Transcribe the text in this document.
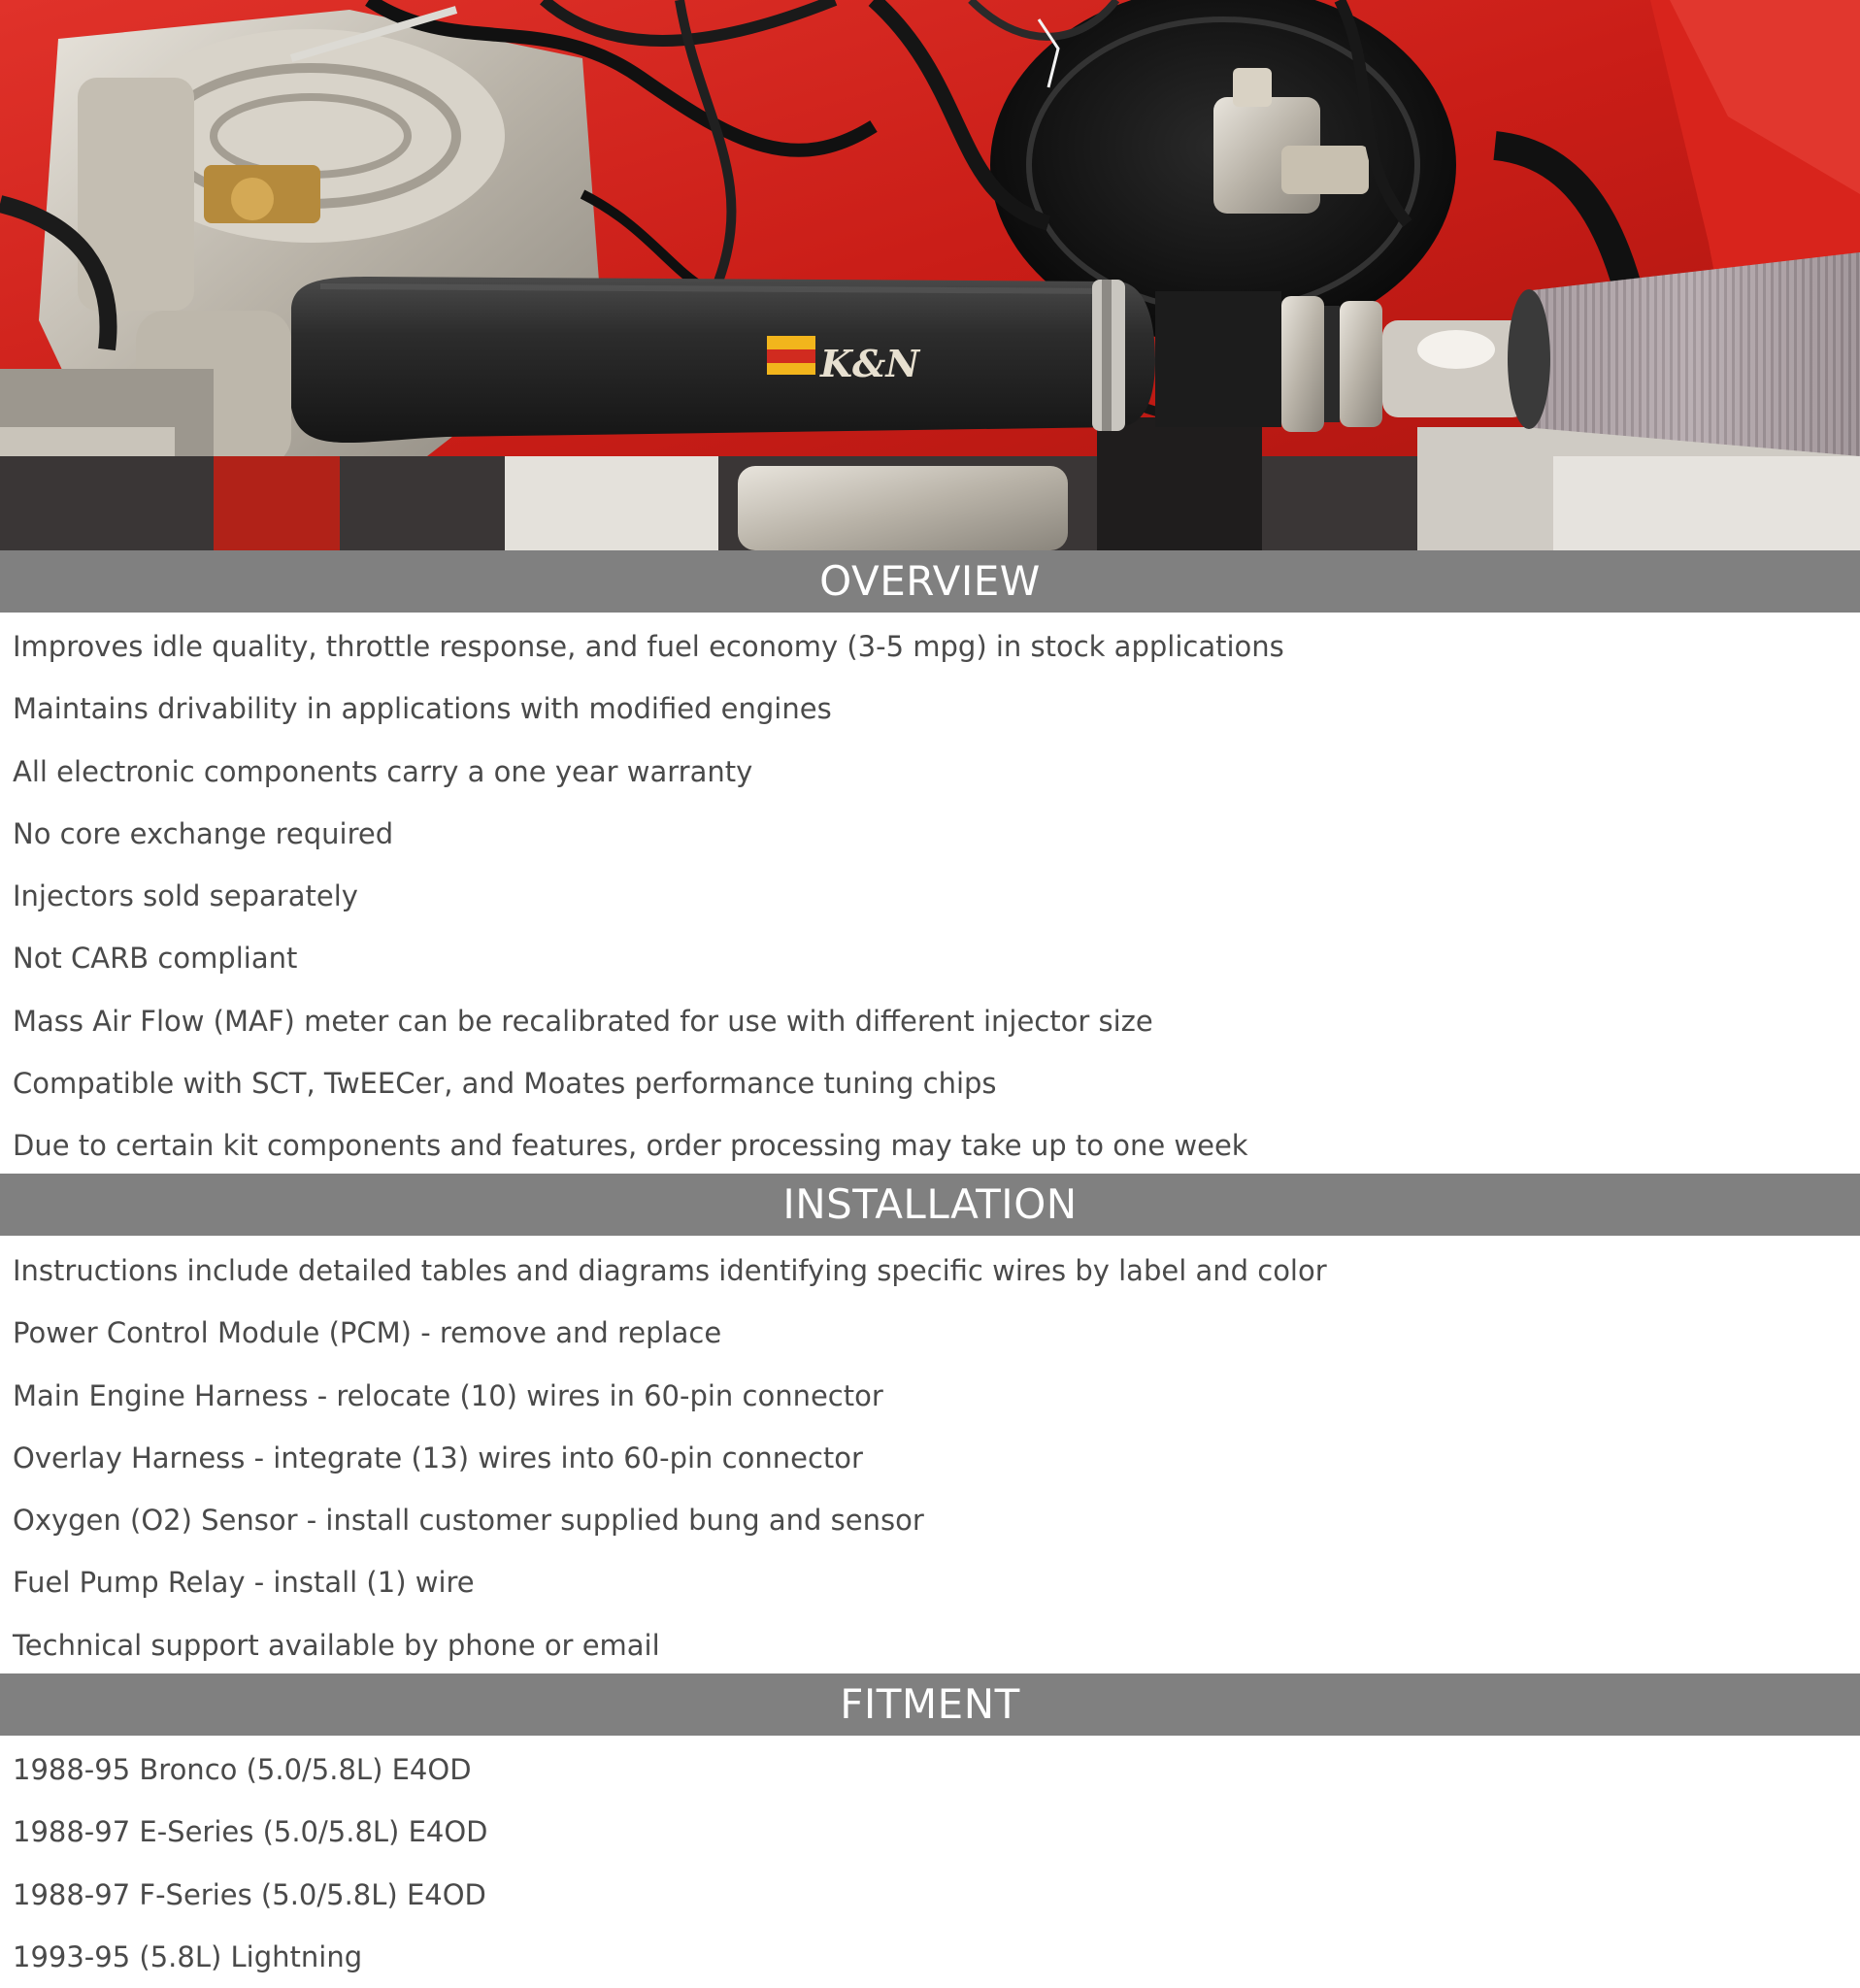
K&N
OVERVIEW
Improves idle quality, throttle response, and fuel economy (3-5 mpg) in stock applications
Maintains drivability in applications with modified engines
All electronic components carry a one year warranty
No core exchange required
Injectors sold separately
Not CARB compliant
Mass Air Flow (MAF) meter can be recalibrated for use with different injector size
Compatible with SCT, TwEECer, and Moates performance tuning chips
Due to certain kit components and features, order processing may take up to one week
INSTALLATION
Instructions include detailed tables and diagrams identifying specific wires by label and color
Power Control Module (PCM) - remove and replace
Main Engine Harness - relocate (10) wires in 60-pin connector
Overlay Harness - integrate (13) wires into 60-pin connector
Oxygen (O2) Sensor - install customer supplied bung and sensor
Fuel Pump Relay - install (1) wire
Technical support available by phone or email
FITMENT
1988-95 Bronco (5.0/5.8L) E4OD
1988-97 E-Series (5.0/5.8L) E4OD
1988-97 F-Series (5.0/5.8L) E4OD
1993-95 (5.8L) Lightning
